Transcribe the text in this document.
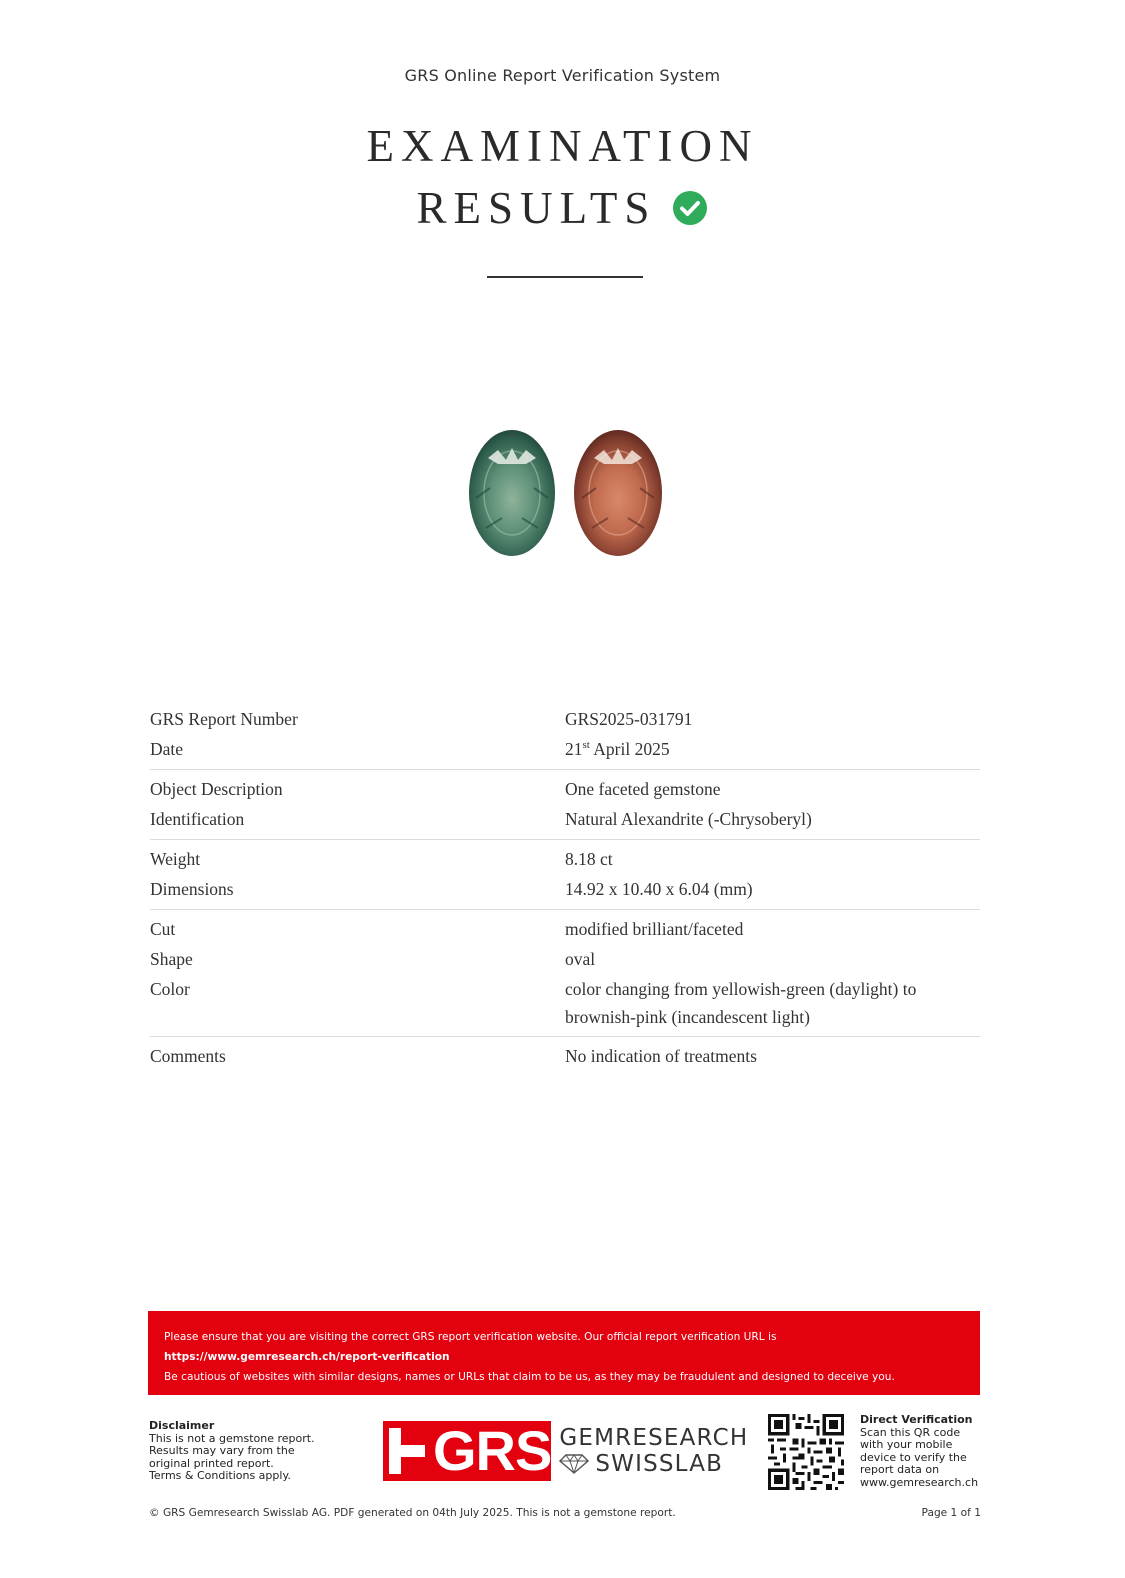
GRS Online Report Verification System
EXAMINATION
RESULTS
GRS Report Number	GRS2025-031791
Date	21st April 2025
Object Description	One faceted gemstone
Identification	Natural Alexandrite (-Chrysoberyl)
Weight	8.18 ct
Dimensions	14.92 x 10.40 x 6.04 (mm)
Cut	modified brilliant/faceted
Shape	oval
Color	color changing from yellowish-green (daylight) to
brownish-pink (incandescent light)
Comments	No indication of treatments
Please ensure that you are visiting the correct GRS report verification website. Our official report verification URL is
https://www.gemresearch.ch/report-verification
Be cautious of websites with similar designs, names or URLs that claim to be us, as they may be fraudulent and designed to deceive you.
Disclaimer
This is not a gemstone report.
Results may vary from the
original printed report.
Terms & Conditions apply.	GRS GEMRESEARCH
SWISSLAB
Direct Verification
Scan this QR code
with your mobile
device to verify the
report data on
www.gemresearch.ch
© GRS Gemresearch Swisslab AG. PDF generated on 04th July 2025. This is not a gemstone report.	Page 1 of 1
